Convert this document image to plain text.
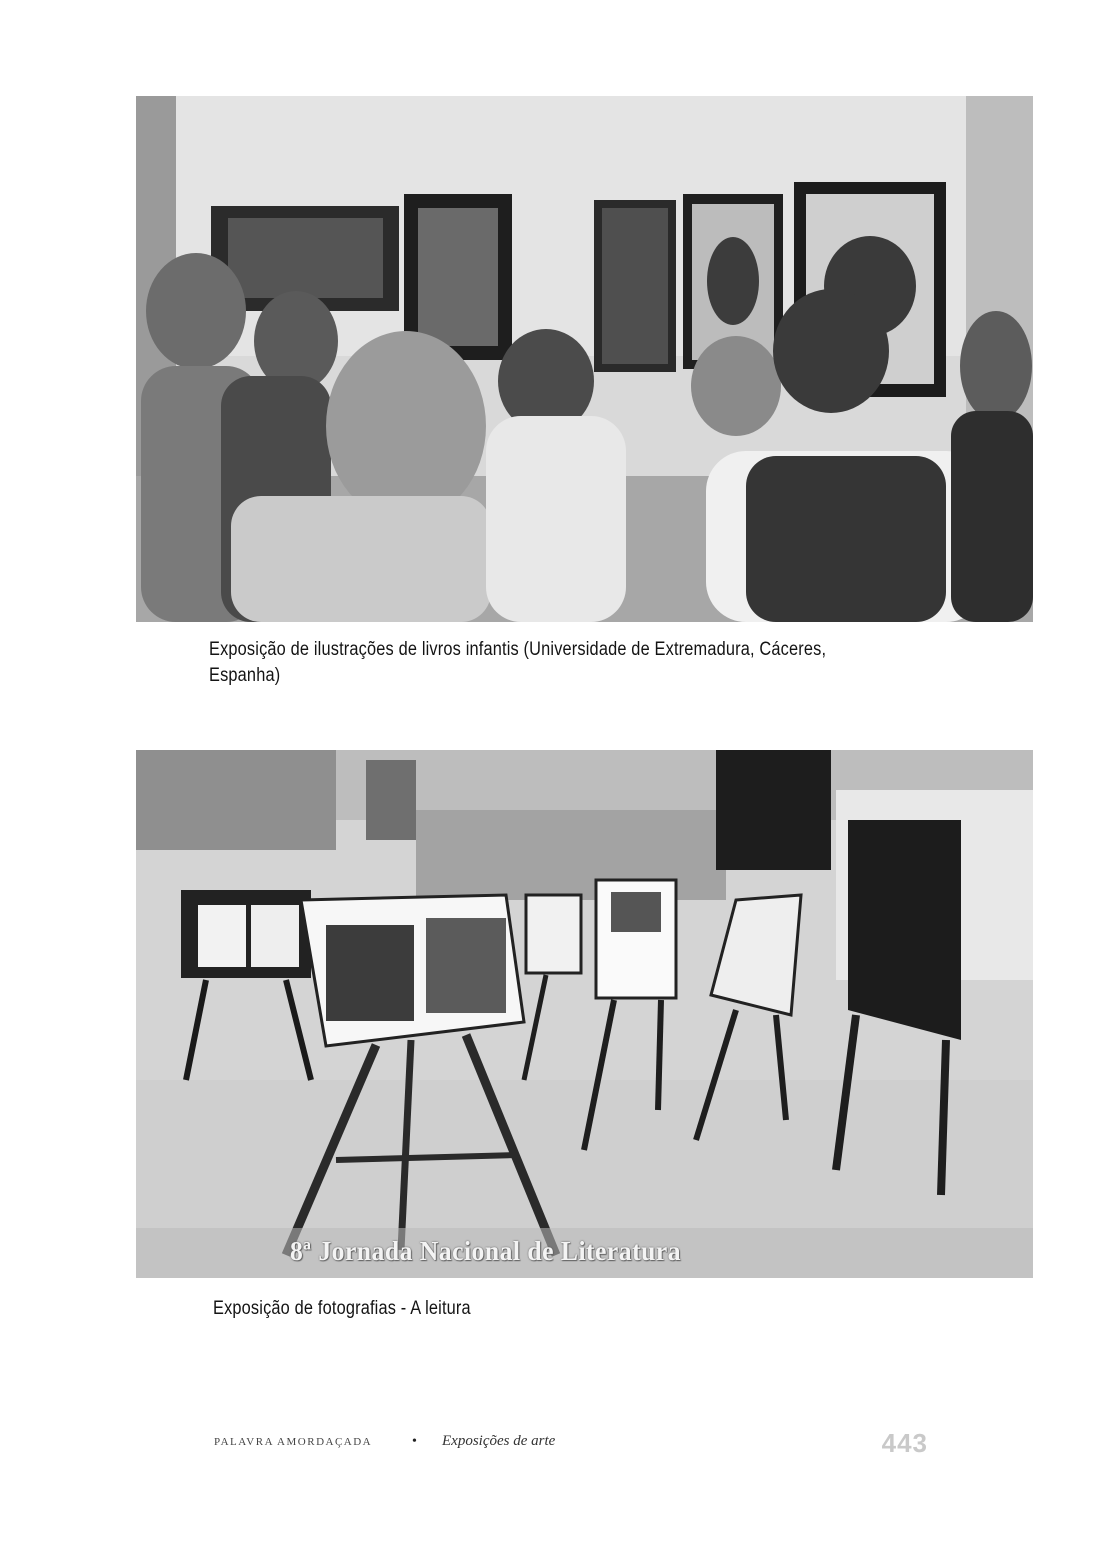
Exposição de ilustrações de livros infantis (Universidade de Extremadura, Cáceres, Espanha)
8ª Jornada Nacional de Literatura
Exposição de fotografias - A leitura
PALAVRA AMORDAÇADA	• Exposições de arte	443
